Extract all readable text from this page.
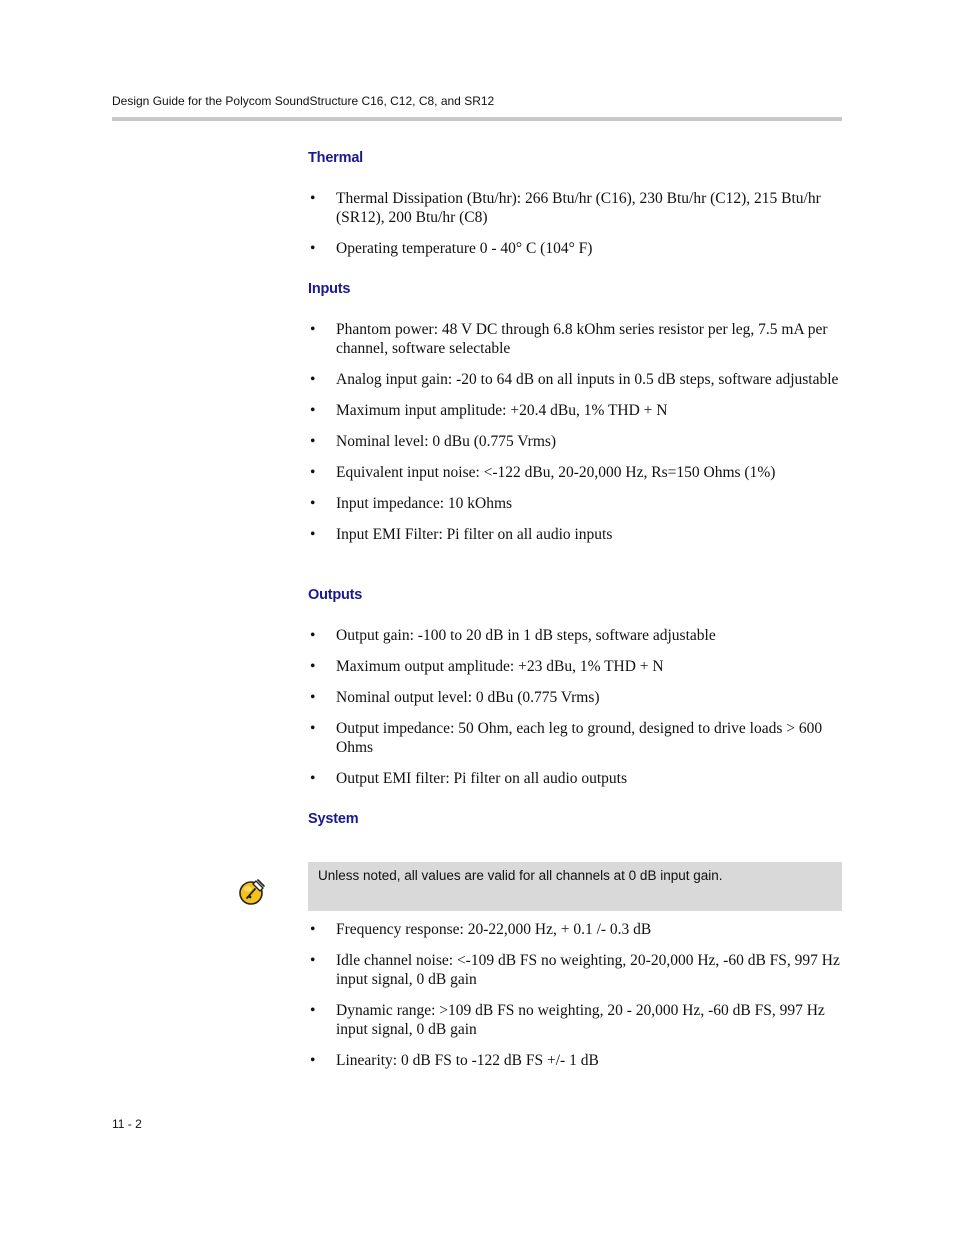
Design Guide for the Polycom SoundStructure C16, C12, C8, and SR12
Thermal
• Thermal Dissipation (Btu/hr): 266 Btu/hr (C16), 230 Btu/hr (C12), 215 Btu/hr (SR12), 200 Btu/hr (C8)
• Operating temperature 0 - 40° C (104° F)
Inputs
• Phantom power: 48 V DC through 6.8 kOhm series resistor per leg, 7.5 mA per channel, software selectable
• Analog input gain: -20 to 64 dB on all inputs in 0.5 dB steps, software adjustable
• Maximum input amplitude: +20.4 dBu, 1% THD + N
• Nominal level: 0 dBu (0.775 Vrms)
• Equivalent input noise: <-122 dBu, 20-20,000 Hz, Rs=150 Ohms (1%)
• Input impedance: 10 kOhms
• Input EMI Filter: Pi filter on all audio inputs
Outputs
• Output gain: -100 to 20 dB in 1 dB steps, software adjustable
• Maximum output amplitude: +23 dBu, 1% THD + N
• Nominal output level: 0 dBu (0.775 Vrms)
• Output impedance: 50 Ohm, each leg to ground, designed to drive loads > 600 Ohms
• Output EMI filter: Pi filter on all audio outputs
System
Unless noted, all values are valid for all channels at 0 dB input gain.
• Frequency response: 20-22,000 Hz, + 0.1 /- 0.3 dB
• Idle channel noise: <-109 dB FS no weighting, 20-20,000 Hz, -60 dB FS, 997 Hz input signal, 0 dB gain
• Dynamic range: >109 dB FS no weighting, 20 - 20,000 Hz, -60 dB FS, 997 Hz input signal, 0 dB gain
• Linearity: 0 dB FS to -122 dB FS +/- 1 dB
11 - 2
